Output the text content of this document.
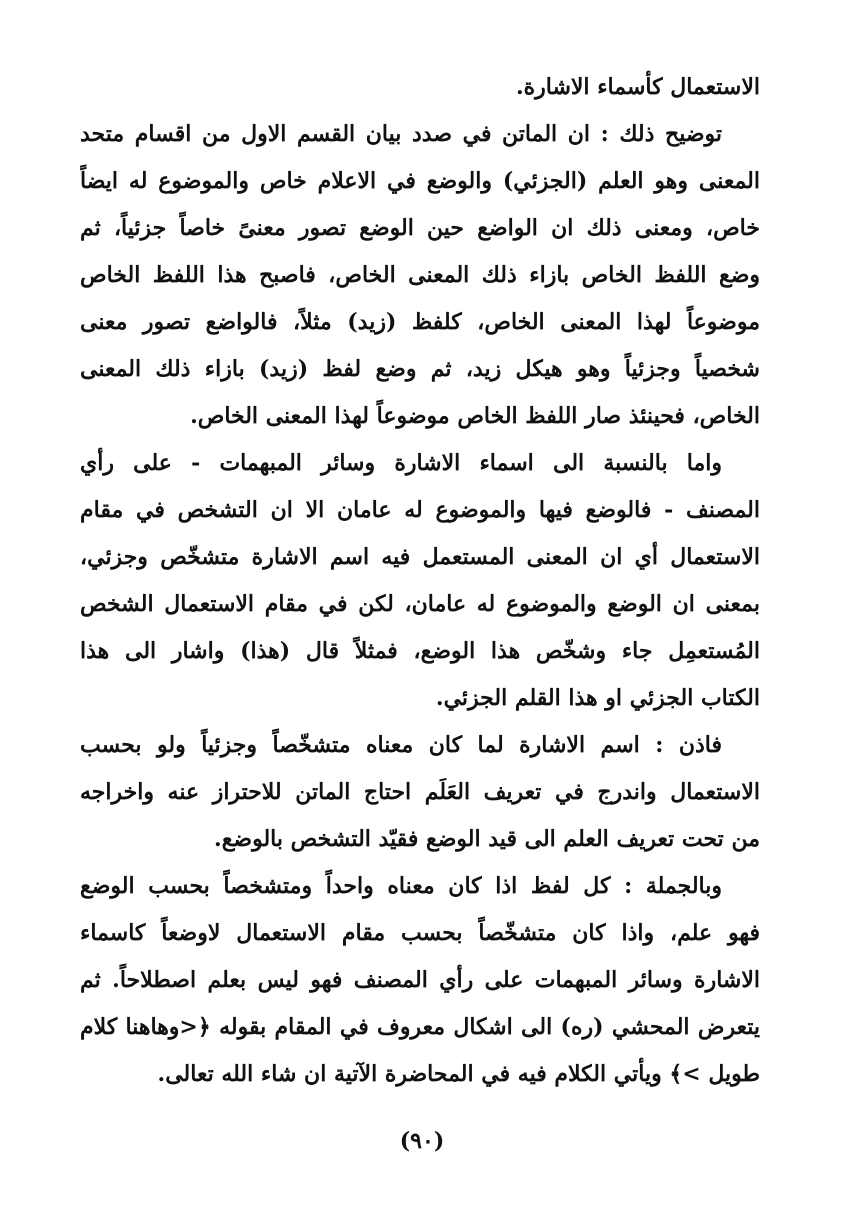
الاستعمال كأسماء الاشارة.
توضيح ذلك : ان الماتن في صدد بيان القسم الاول من اقسام متحد
المعنى وهو العلم (الجزئي) والوضع في الاعلام خاص والموضوع له ايضاً
خاص، ومعنى ذلك ان الواضع حين الوضع تصور معنىً خاصاً جزئياً، ثم
وضع اللفظ الخاص بازاء ذلك المعنى الخاص، فاصبح هذا اللفظ الخاص
موضوعاً لهذا المعنى الخاص، كلفظ (زيد) مثلاً، فالواضع تصور معنى
شخصياً وجزئياً وهو هيكل زيد، ثم وضع لفظ (زيد) بازاء ذلك المعنى
الخاص، فحينئذ صار اللفظ الخاص موضوعاً لهذا المعنى الخاص.
واما بالنسبة الى اسماء الاشارة وسائر المبهمات - على رأي
المصنف - فالوضع فيها والموضوع له عامان الا ان التشخص في مقام
الاستعمال أي ان المعنى المستعمل فيه اسم الاشارة متشخّص وجزئي،
بمعنى ان الوضع والموضوع له عامان، لكن في مقام الاستعمال الشخص
المُستعمِل جاء وشخّص هذا الوضع، فمثلاً قال (هذا) واشار الى هذا
الكتاب الجزئي او هذا القلم الجزئي.
فاذن : اسم الاشارة لما كان معناه متشخّصاً وجزئياً ولو بحسب
الاستعمال واندرج في تعريف العَلَم احتاج الماتن للاحتراز عنه واخراجه
من تحت تعريف العلم الى قيد الوضع فقيّد التشخص بالوضع.
وبالجملة : كل لفظ اذا كان معناه واحداً ومتشخصاً بحسب الوضع
فهو علم، واذا كان متشخّصاً بحسب مقام الاستعمال لاوضعاً كاسماء
الاشارة وسائر المبهمات على رأي المصنف فهو ليس بعلم اصطلاحاً. ثم
يتعرض المحشي (ره) الى اشكال معروف في المقام بقوله ﴿<وهاهنا كلام
طويل >﴾ ويأتي الكلام فيه في المحاضرة الآتية ان شاء الله تعالى.
(٩٠)
